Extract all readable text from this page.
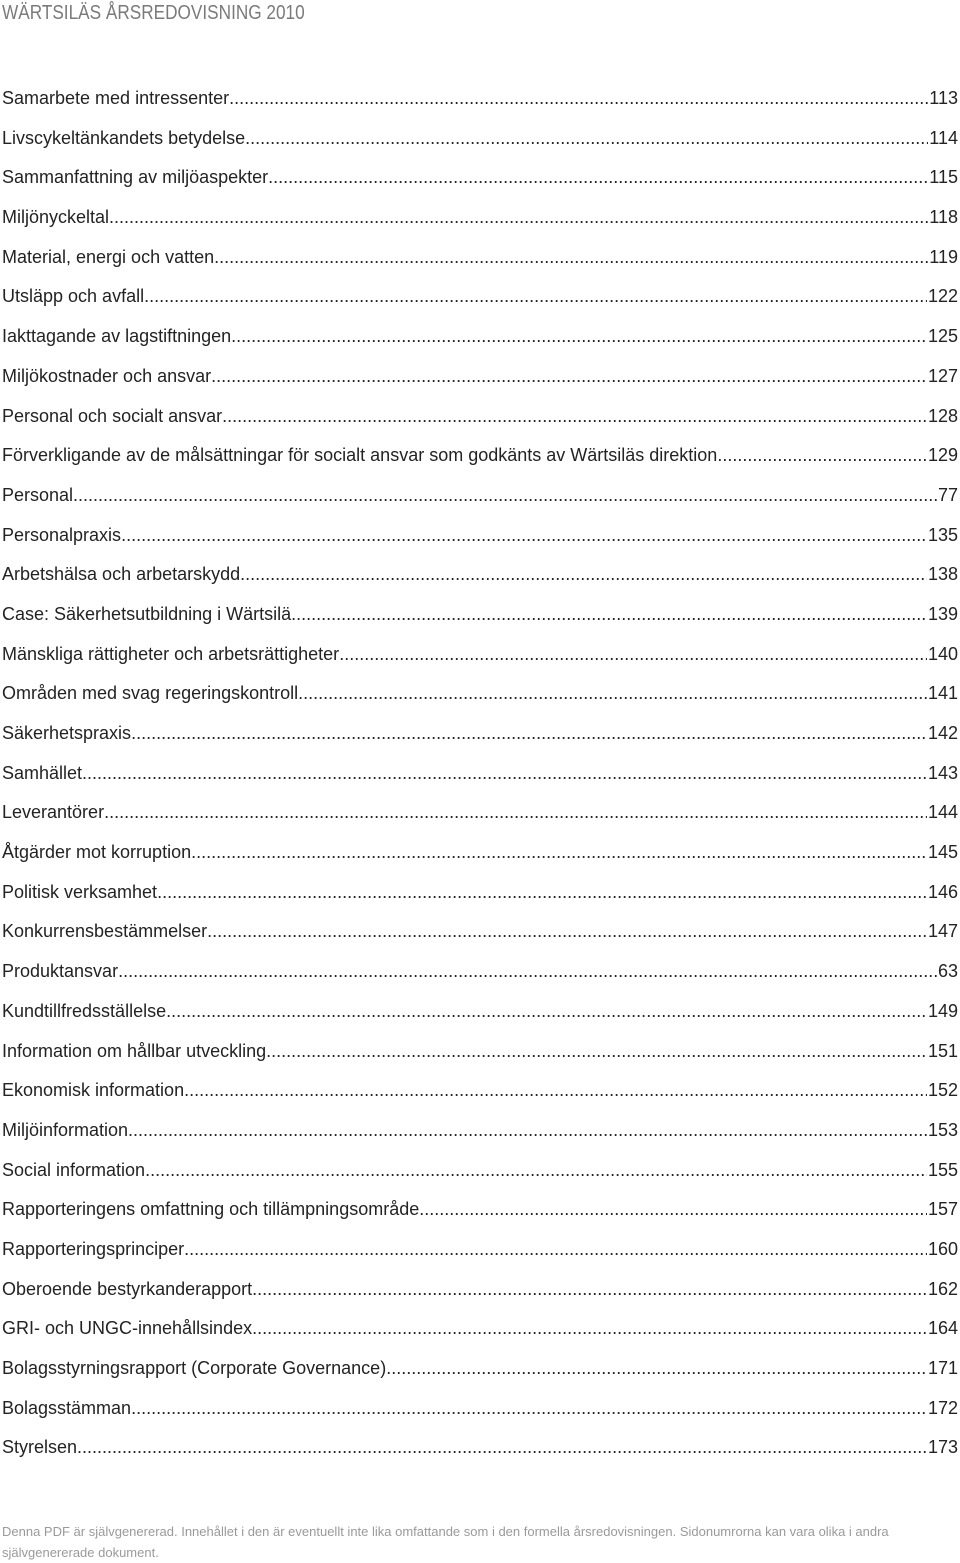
WÄRTSILÄS ÅRSREDOVISNING 2010
Samarbete med intressenter .....	113
Livscykeltänkandets betydelse .....	114
Sammanfattning av miljöaspekter .....	115
Miljönyckeltal .....	118
Material, energi och vatten .....	119
Utsläpp och avfall .....	122
Iakttagande av lagstiftningen .....	125
Miljökostnader och ansvar .....	127
Personal och socialt ansvar .....	128
Förverkligande av de målsättningar för socialt ansvar som godkänts av Wärtsiläs direktion .....	129
Personal .....	77
Personalpraxis .....	135
Arbetshälsa och arbetarskydd .....	138
Case: Säkerhetsutbildning i Wärtsilä .....	139
Mänskliga rättigheter och arbetsrättigheter .....	140
Områden med svag regeringskontroll .....	141
Säkerhetspraxis .....	142
Samhället .....	143
Leverantörer .....	144
Åtgärder mot korruption .....	145
Politisk verksamhet .....	146
Konkurrensbestämmelser .....	147
Produktansvar .....	63
Kundtillfredsställelse .....	149
Information om hållbar utveckling .....	151
Ekonomisk information .....	152
Miljöinformation .....	153
Social information .....	155
Rapporteringens omfattning och tillämpningsområde .....	157
Rapporteringsprinciper .....	160
Oberoende bestyrkanderapport .....	162
GRI- och UNGC-innehållsindex .....	164
Bolagsstyrningsrapport (Corporate Governance) .....	171
Bolagsstämman .....	172
Styrelsen .....	173
Denna PDF är självgenererad. Innehållet i den är eventuellt inte lika omfattande som i den formella årsredovisningen. Sidonumrorna kan vara olika i andra självgenererade dokument.
